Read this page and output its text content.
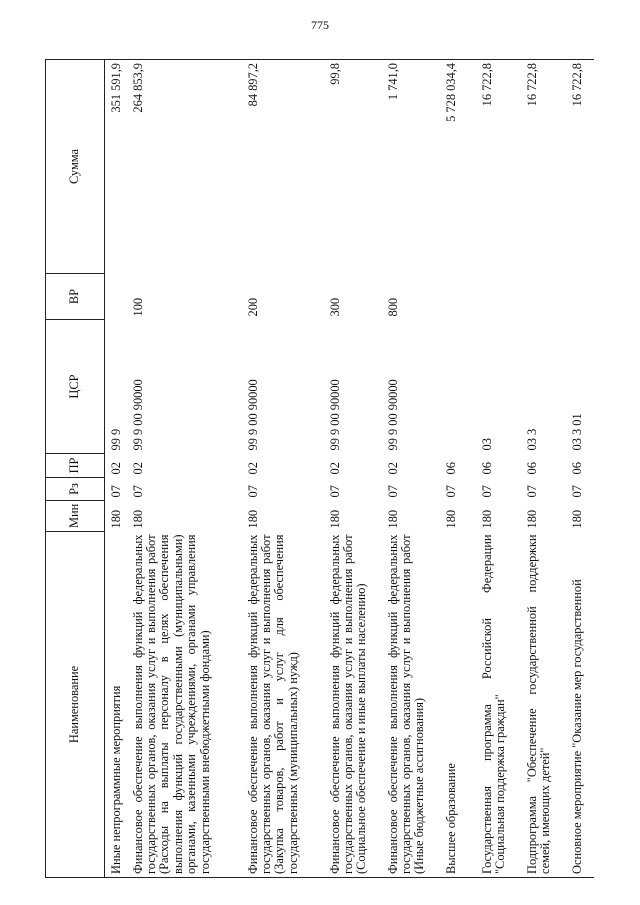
775
Наименование	Мин	Рз	ПР	ЦСР	ВР	Сумма
Иные непрограммные мероприятия	180	07	02	99 9		351 591,9
Финансовое обеспечение выполнения функций федеральных государственных органов, оказания услуг и выполнения работ (Расходы на выплаты персоналу в целях обеспечения выполнения функций государственными (муниципальными) органами, казенными учреждениями, органами управления государственными внебюджетными фондами)	180	07	02	99 9 00 90000	100	264 853,9
Финансовое обеспечение выполнения функций федеральных государственных органов, оказания услуг и выполнения работ (Закупка товаров, работ и услуг для обеспечения государственных (муниципальных) нужд)	180	07	02	99 9 00 90000	200	84 897,2
Финансовое обеспечение выполнения функций федеральных государственных органов, оказания услуг и выполнения работ (Социальное обеспечение и иные выплаты населению)	180	07	02	99 9 00 90000	300	99,8
Финансовое обеспечение выполнения функций федеральных государственных органов, оказания услуг и выполнения работ (Иные бюджетные ассигнования)	180	07	02	99 9 00 90000	800	1 741,0
Высшее образование	180	07	06			5 728 034,4
Государственная программа Российской Федерации "Социальная поддержка граждан"	180	07	06	03		16 722,8
Подпрограмма "Обеспечение государственной поддержки семей, имеющих детей"	180	07	06	03 3		16 722,8
Основное мероприятие "Оказание мер государственной	180	07	06	03 3 01		16 722,8
